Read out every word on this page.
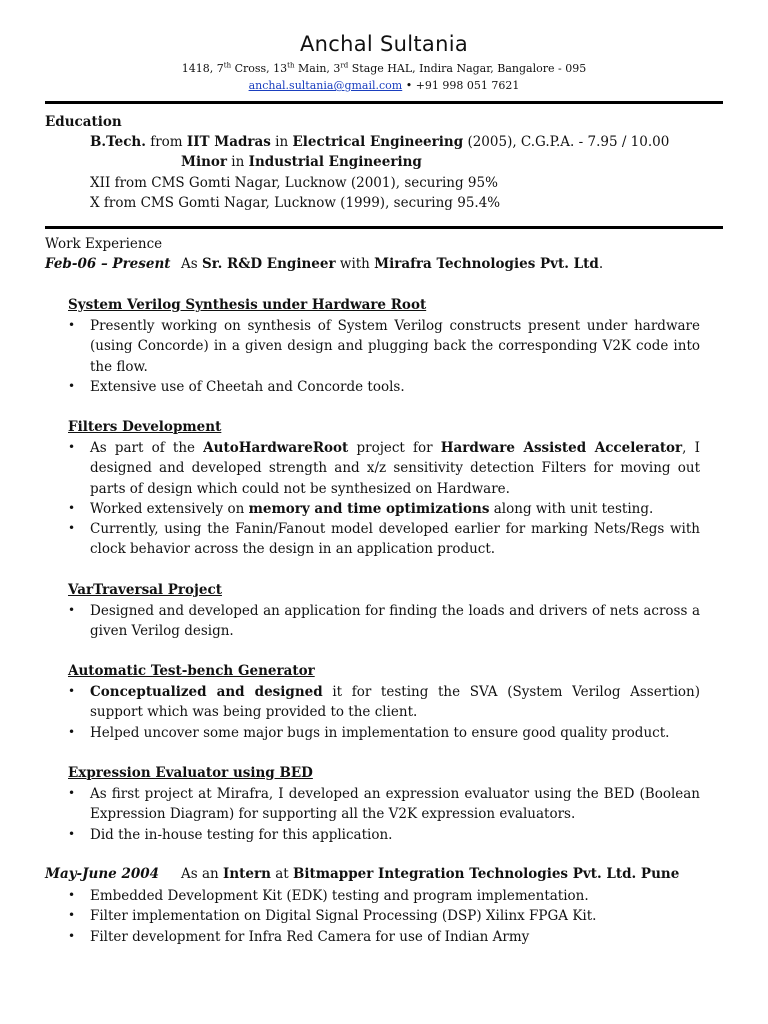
Anchal Sultania
1418, 7th Cross, 13th Main, 3rd Stage HAL, Indira Nagar, Bangalore - 095
anchal.sultania@gmail.com • +91 998 051 7621
Education
B.Tech. from IIT Madras in Electrical Engineering (2005), C.G.P.A. - 7.95 / 10.00
Minor in Industrial Engineering
XII from CMS Gomti Nagar, Lucknow (2001), securing 95%
X from CMS Gomti Nagar, Lucknow (1999), securing 95.4%
Work Experience
Feb-06 – Present As Sr. R&D Engineer with Mirafra Technologies Pvt. Ltd.
System Verilog Synthesis under Hardware Root
• Presently working on synthesis of System Verilog constructs present under hardware (using Concorde) in a given design and plugging back the corresponding V2K code into the flow.
• Extensive use of Cheetah and Concorde tools.
Filters Development
• As part of the AutoHardwareRoot project for Hardware Assisted Accelerator, I designed and developed strength and x/z sensitivity detection Filters for moving out parts of design which could not be synthesized on Hardware.
• Worked extensively on memory and time optimizations along with unit testing.
• Currently, using the Fanin/Fanout model developed earlier for marking Nets/Regs with clock behavior across the design in an application product.
VarTraversal Project
• Designed and developed an application for finding the loads and drivers of nets across a given Verilog design.
Automatic Test-bench Generator
• Conceptualized and designed it for testing the SVA (System Verilog Assertion) support which was being provided to the client.
• Helped uncover some major bugs in implementation to ensure good quality product.
Expression Evaluator using BED
• As first project at Mirafra, I developed an expression evaluator using the BED (Boolean Expression Diagram) for supporting all the V2K expression evaluators.
• Did the in-house testing for this application.
May-June 2004 As an Intern at Bitmapper Integration Technologies Pvt. Ltd. Pune
• Embedded Development Kit (EDK) testing and program implementation.
• Filter implementation on Digital Signal Processing (DSP) Xilinx FPGA Kit.
• Filter development for Infra Red Camera for use of Indian Army
